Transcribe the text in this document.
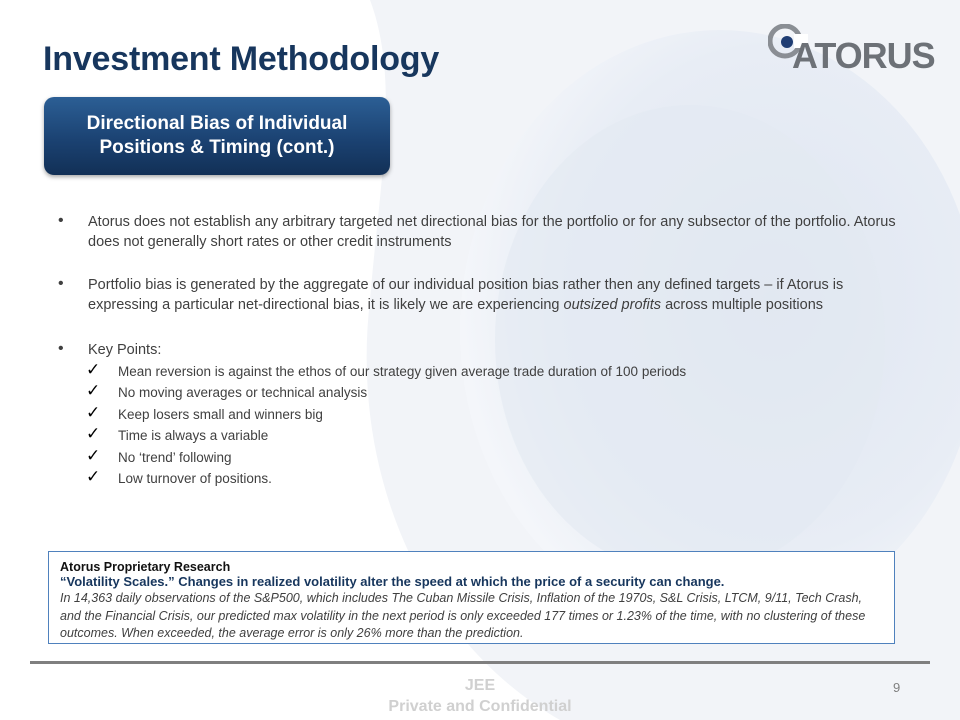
Investment Methodology	ATORUS
Directional Bias of Individual Positions & Timing (cont.)
• Atorus does not establish any arbitrary targeted net directional bias for the portfolio or for any subsector of the portfolio. Atorus does not generally short rates or other credit instruments
• Portfolio bias is generated by the aggregate of our individual position bias rather then any defined targets – if Atorus is expressing a particular net-directional bias, it is likely we are experiencing outsized profits across multiple positions
• Key Points:
✓ Mean reversion is against the ethos of our strategy given average trade duration of 100 periods
✓ No moving averages or technical analysis
✓ Keep losers small and winners big
✓ Time is always a variable
✓ No ‘trend’ following
✓ Low turnover of positions.
Atorus Proprietary Research
“Volatility Scales.” Changes in realized volatility alter the speed at which the price of a security can change.
In 14,363 daily observations of the S&P500, which includes The Cuban Missile Crisis, Inflation of the 1970s, S&L Crisis, LTCM, 9/11, Tech Crash, and the Financial Crisis, our predicted max volatility in the next period is only exceeded 177 times or 1.23% of the time, with no clustering of these outcomes. When exceeded, the average error is only 26% more than the prediction.
JEE
Private and Confidential
9
